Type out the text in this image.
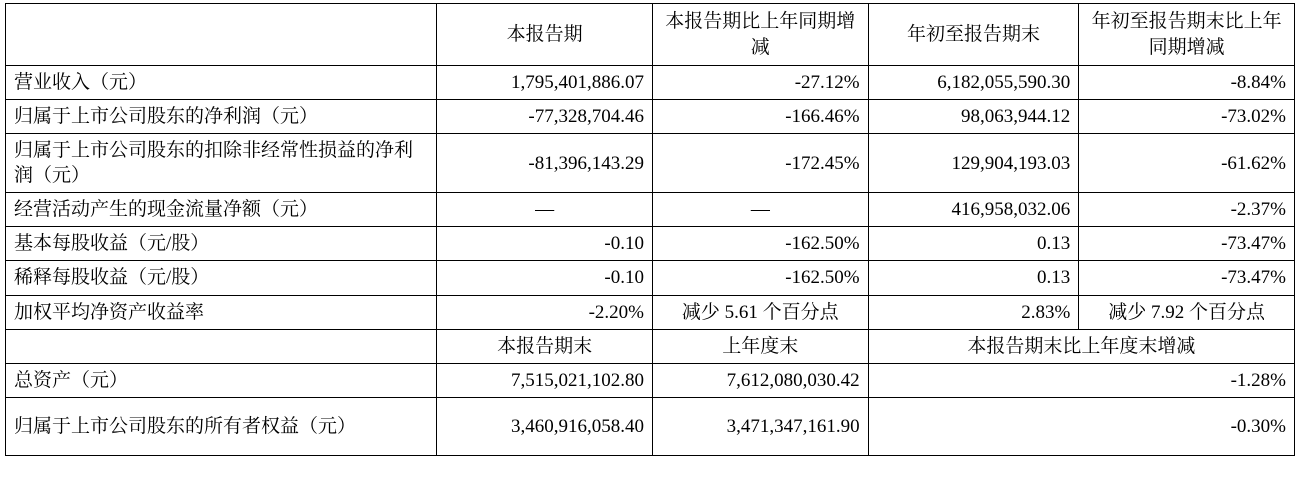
	本报告期	本报告期比上年同期增减	年初至报告期末	年初至报告期末比上年同期增减
营业收入（元）	1,795,401,886.07	-27.12%	6,182,055,590.30	-8.84%
归属于上市公司股东的净利润（元）	-77,328,704.46	-166.46%	98,063,944.12	-73.02%
归属于上市公司股东的扣除非经常性损益的净利润（元）	-81,396,143.29	-172.45%	129,904,193.03	-61.62%
经营活动产生的现金流量净额（元）	—	—	416,958,032.06	-2.37%
基本每股收益（元/股）	-0.10	-162.50%	0.13	-73.47%
稀释每股收益（元/股）	-0.10	-162.50%	0.13	-73.47%
加权平均净资产收益率	-2.20%	减少 5.61 个百分点	2.83%	减少 7.92 个百分点
	本报告期末	上年度末	本报告期末比上年度末增减	
总资产（元）	7,515,021,102.80	7,612,080,030.42	-1.28%	
归属于上市公司股东的所有者权益（元）	3,460,916,058.40	3,471,347,161.90	-0.30%	
